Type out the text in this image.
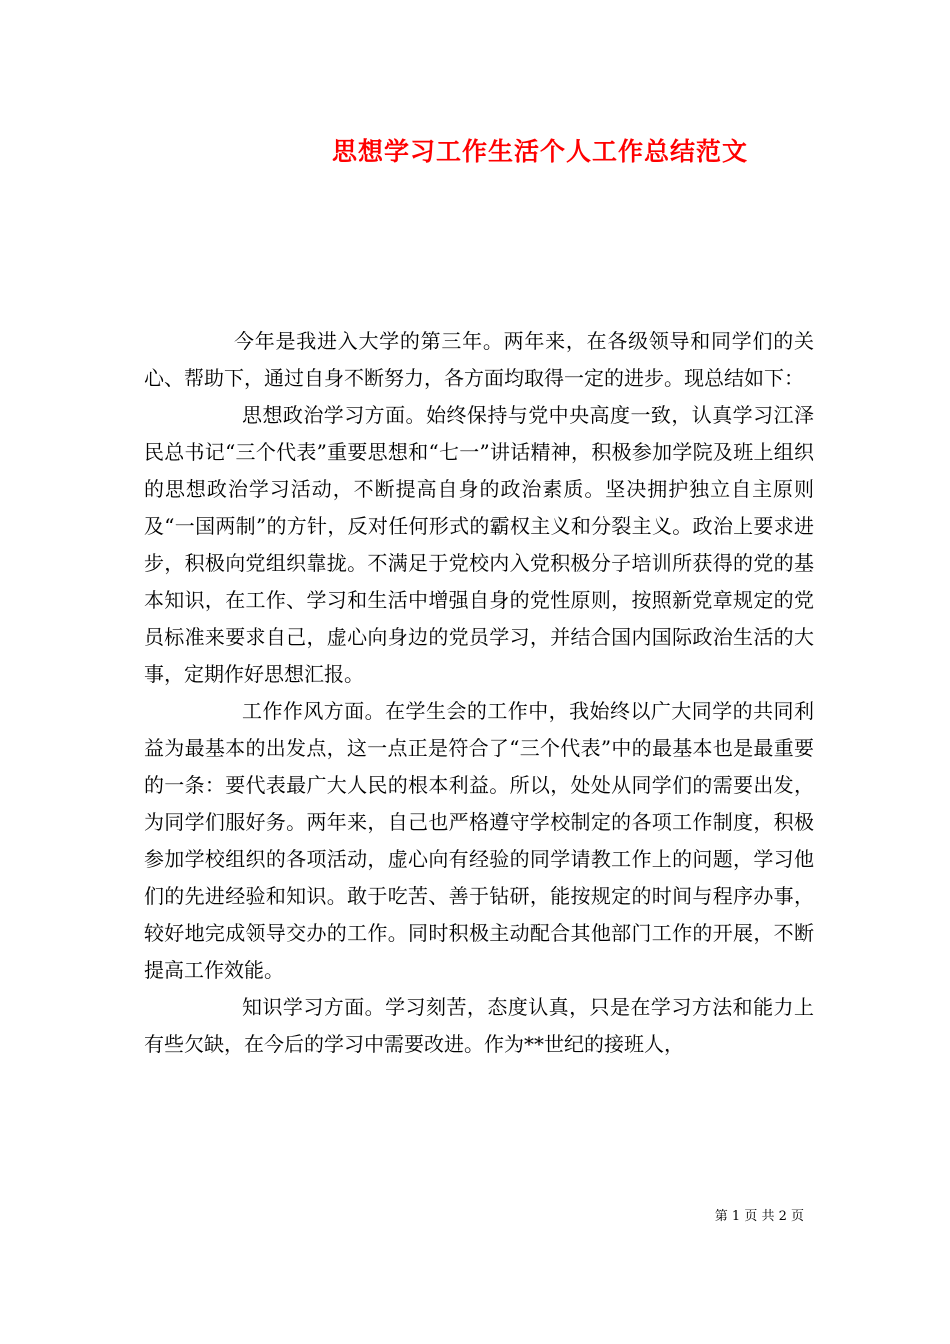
思想学习工作生活个人工作总结范文

今年是我进入大学的第三年。两年来，在各级领导和同学们的关心、帮助下，通过自身不断努力，各方面均取得一定的进步。现总结如下：

思想政治学习方面。始终保持与党中央高度一致，认真学习江泽民总书记“三个代表”重要思想和“七一”讲话精神，积极参加学院及班上组织的思想政治学习活动，不断提高自身的政治素质。坚决拥护独立自主原则及“一国两制”的方针，反对任何形式的霸权主义和分裂主义。政治上要求进步，积极向党组织靠拢。不满足于党校内入党积极分子培训所获得的党的基本知识，在工作、学习和生活中增强自身的党性原则，按照新党章规定的党员标准来要求自己，虚心向身边的党员学习，并结合国内国际政治生活的大事，定期作好思想汇报。

工作作风方面。在学生会的工作中，我始终以广大同学的共同利益为最基本的出发点，这一点正是符合了“三个代表”中的最基本也是最重要的一条：要代表最广大人民的根本利益。所以，处处从同学们的需要出发，为同学们服好务。两年来，自己也严格遵守学校制定的各项工作制度，积极参加学校组织的各项活动，虚心向有经验的同学请教工作上的问题，学习他们的先进经验和知识。敢于吃苦、善于钻研，能按规定的时间与程序办事，较好地完成领导交办的工作。同时积极主动配合其他部门工作的开展，不断提高工作效能。

知识学习方面。学习刻苦，态度认真，只是在学习方法和能力上有些欠缺，在今后的学习中需要改进。作为**世纪的接班人，

第 1 页 共 2 页
